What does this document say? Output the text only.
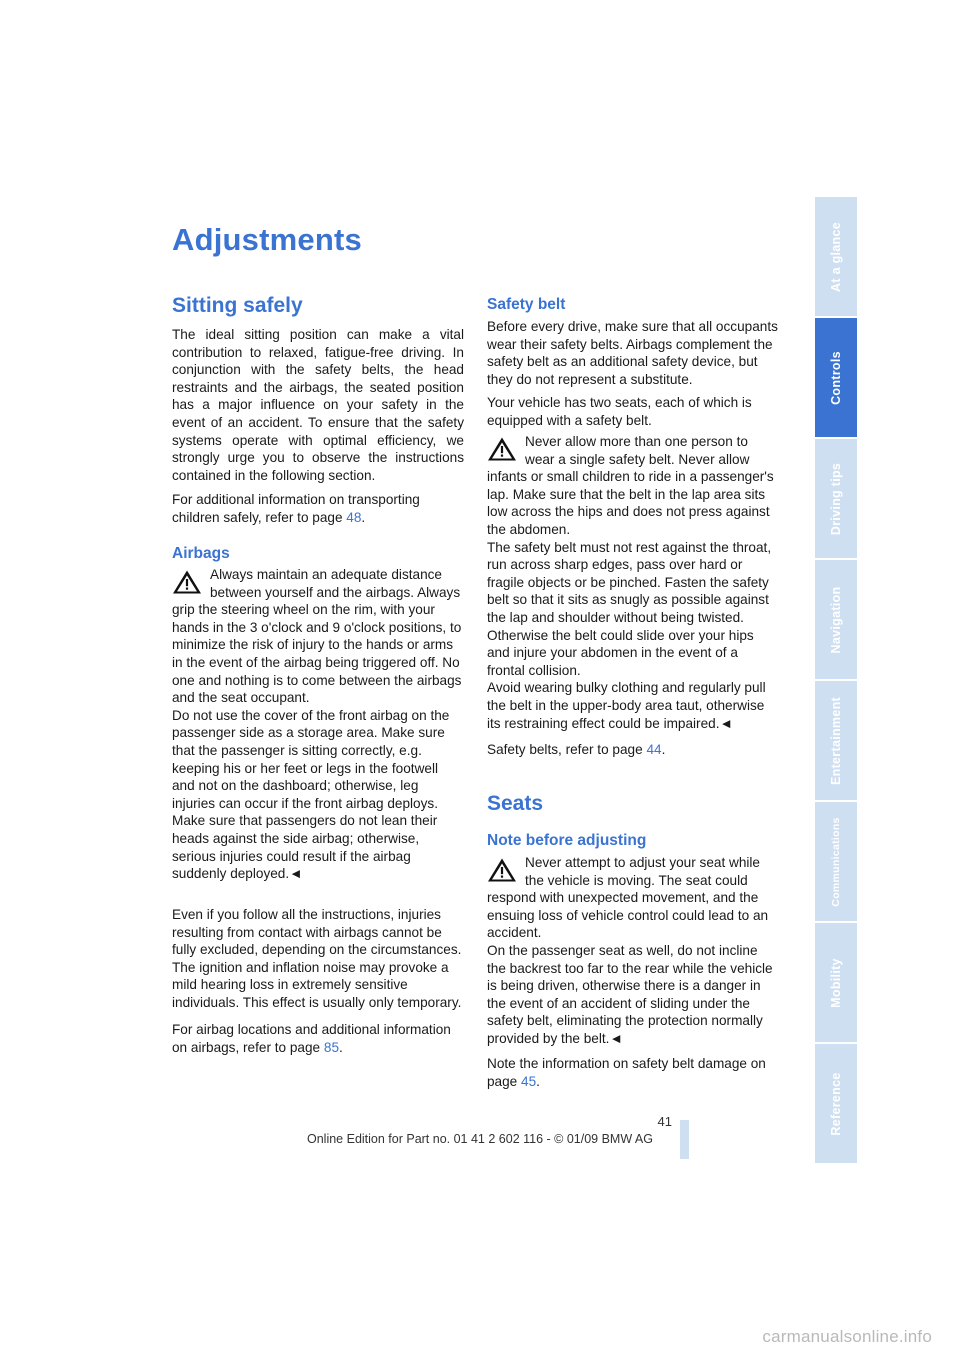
Adjustments
Sitting safely

The ideal sitting position can make a vital contribution to relaxed, fatigue-free driving. In conjunction with the safety belts, the head restraints and the airbags, the seated position has a major influence on your safety in the event of an accident. To ensure that the safety systems operate with optimal efficiency, we strongly urge you to observe the instructions contained in the following section.

For additional information on transporting children safely, refer to page 48.

Airbags

Always maintain an adequate distance between yourself and the airbags. Always grip the steering wheel on the rim, with your hands in the 3 o'clock and 9 o'clock positions, to minimize the risk of injury to the hands or arms in the event of the airbag being triggered off. No one and nothing is to come between the airbags and the seat occupant.

Do not use the cover of the front airbag on the passenger side as a storage area. Make sure that the passenger is sitting correctly, e.g. keeping his or her feet or legs in the footwell and not on the dashboard; otherwise, leg injuries can occur if the front airbag deploys.

Make sure that passengers do not lean their heads against the side airbag; otherwise, serious injuries could result if the airbag suddenly deployed.◄

Even if you follow all the instructions, injuries resulting from contact with airbags cannot be fully excluded, depending on the circumstances. The ignition and inflation noise may provoke a mild hearing loss in extremely sensitive individuals. This effect is usually only temporary.

For airbag locations and additional information on airbags, refer to page 85.

Safety belt

Before every drive, make sure that all occupants wear their safety belts. Airbags complement the safety belt as an additional safety device, but they do not represent a substitute.

Your vehicle has two seats, each of which is equipped with a safety belt.

Never allow more than one person to wear a single safety belt. Never allow infants or small children to ride in a passenger's lap. Make sure that the belt in the lap area sits low across the hips and does not press against the abdomen.

The safety belt must not rest against the throat, run across sharp edges, pass over hard or fragile objects or be pinched. Fasten the safety belt so that it sits as snugly as possible against the lap and shoulder without being twisted. Otherwise the belt could slide over your hips and injure your abdomen in the event of a frontal collision.

Avoid wearing bulky clothing and regularly pull the belt in the upper-body area taut, otherwise its restraining effect could be impaired.◄

Safety belts, refer to page 44.

Seats
Note before adjusting

Never attempt to adjust your seat while the vehicle is moving. The seat could respond with unexpected movement, and the ensuing loss of vehicle control could lead to an accident.

On the passenger seat as well, do not incline the backrest too far to the rear while the vehicle is being driven, otherwise there is a danger in the event of an accident of sliding under the safety belt, eliminating the protection normally provided by the belt.◄

Note the information on safety belt damage on page 45.

At a glance
Controls
Driving tips
Navigation
Entertainment
Communications
Mobility
Reference
41
Online Edition for Part no. 01 41 2 602 116 - © 01/09 BMW AG
carmanualsonline.info
